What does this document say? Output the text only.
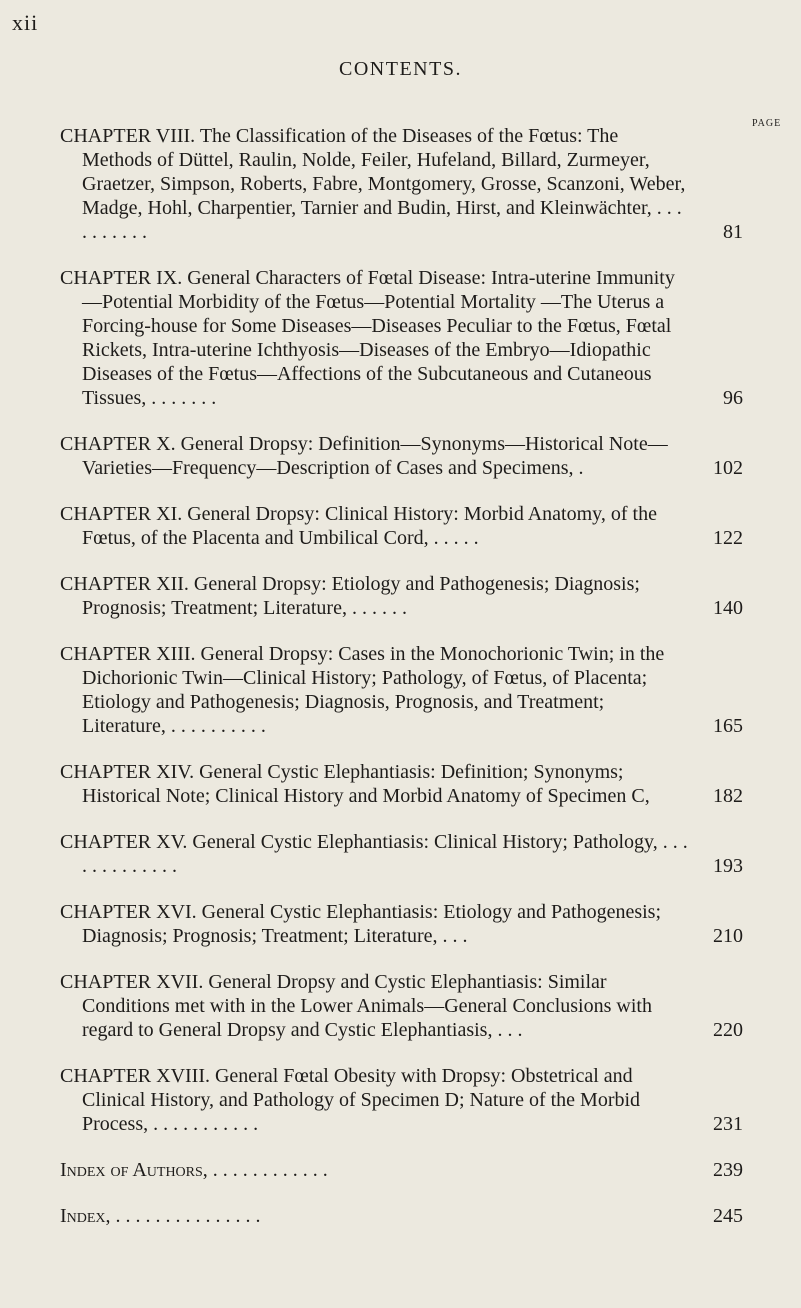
xii
CONTENTS.
PAGE
CHAPTER VIII. The Classification of the Diseases of the Fœtus: The Methods of Düttel, Raulin, Nolde, Feiler, Hufeland, Billard, Zurmeyer, Graetzer, Simpson, Roberts, Fabre, Montgomery, Grosse, Scanzoni, Weber, Madge, Hohl, Charpentier, Tarnier and Budin, Hirst, and Kleinwächter, . . . . . . . . . .	81
CHAPTER IX. General Characters of Fœtal Disease: Intra-uterine Immunity—Potential Morbidity of the Fœtus—Potential Mortality —The Uterus a Forcing-house for Some Diseases—Diseases Peculiar to the Fœtus, Fœtal Rickets, Intra-uterine Ichthyosis—Diseases of the Embryo—Idiopathic Diseases of the Fœtus—Affections of the Subcutaneous and Cutaneous Tissues, . . . . . . .	96
CHAPTER X. General Dropsy: Definition—Synonyms—Historical Note—Varieties—Frequency—Description of Cases and Specimens, .	102
CHAPTER XI. General Dropsy: Clinical History: Morbid Anatomy, of the Fœtus, of the Placenta and Umbilical Cord, . . . . .	122
CHAPTER XII. General Dropsy: Etiology and Pathogenesis; Diagnosis; Prognosis; Treatment; Literature, . . . . . .	140
CHAPTER XIII. General Dropsy: Cases in the Monochorionic Twin; in the Dichorionic Twin—Clinical History; Pathology, of Fœtus, of Placenta; Etiology and Pathogenesis; Diagnosis, Prognosis, and Treatment; Literature, . . . . . . . . . .	165
CHAPTER XIV. General Cystic Elephantiasis: Definition; Synonyms; Historical Note; Clinical History and Morbid Anatomy of Specimen C,	182
CHAPTER XV. General Cystic Elephantiasis: Clinical History; Pathology, . . . . . . . . . . . . .	193
CHAPTER XVI. General Cystic Elephantiasis: Etiology and Pathogenesis; Diagnosis; Prognosis; Treatment; Literature, . . .	210
CHAPTER XVII. General Dropsy and Cystic Elephantiasis: Similar Conditions met with in the Lower Animals—General Conclusions with regard to General Dropsy and Cystic Elephantiasis, . . .	220
CHAPTER XVIII. General Fœtal Obesity with Dropsy: Obstetrical and Clinical History, and Pathology of Specimen D; Nature of the Morbid Process, . . . . . . . . . . .	231
Index of Authors, . . . . . . . . . . . .	239
Index, . . . . . . . . . . . . . . .	245
